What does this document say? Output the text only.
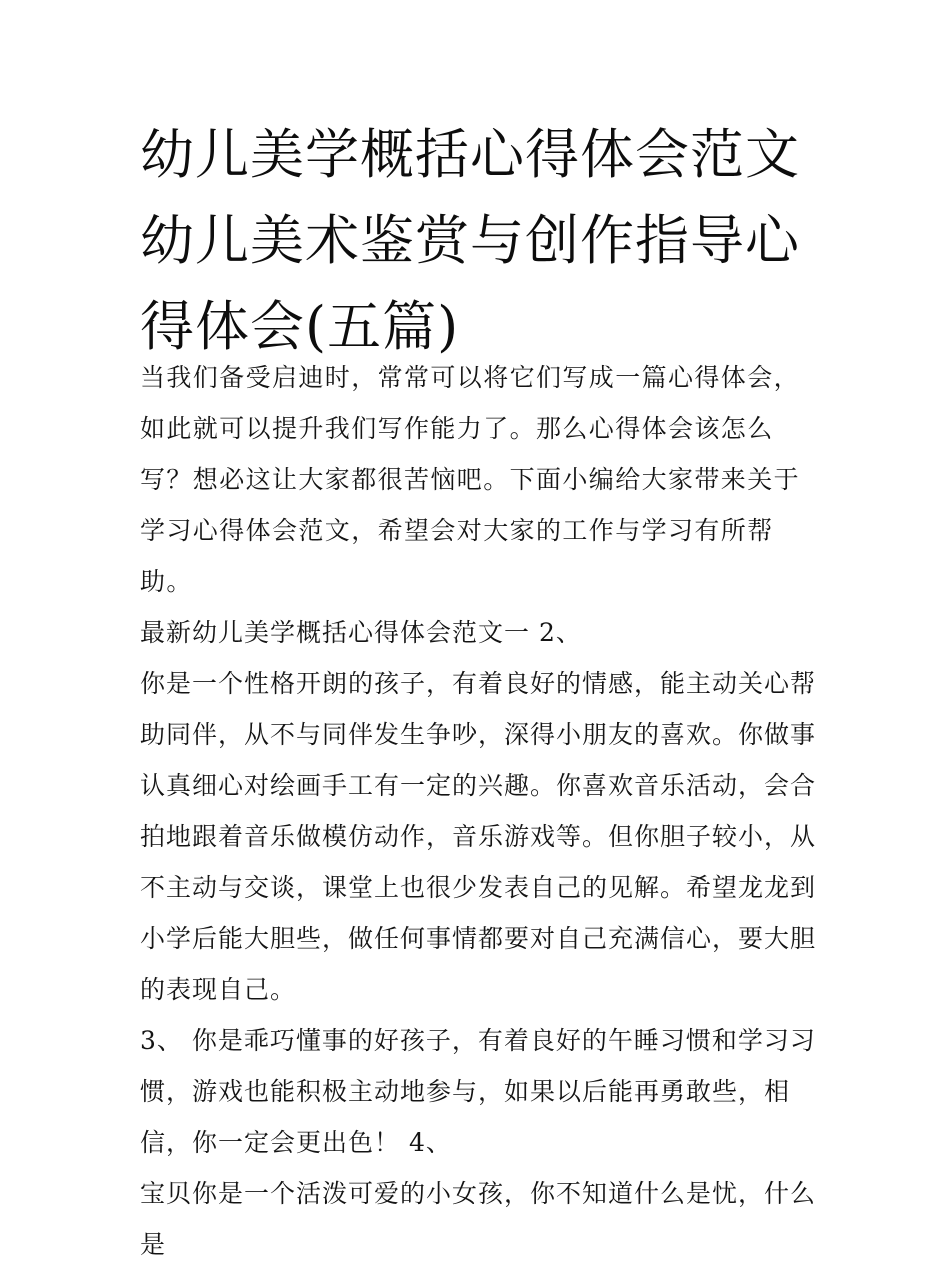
幼儿美学概括心得体会范文 幼儿美术鉴赏与创作指导心得体会(五篇)

当我们备受启迪时，常常可以将它们写成一篇心得体会，如此就可以提升我们写作能力了。那么心得体会该怎么写？想必这让大家都很苦恼吧。下面小编给大家带来关于学习心得体会范文，希望会对大家的工作与学习有所帮助。

最新幼儿美学概括心得体会范文一 2、

你是一个性格开朗的孩子，有着良好的情感，能主动关心帮助同伴，从不与同伴发生争吵，深得小朋友的喜欢。你做事认真细心对绘画手工有一定的兴趣。你喜欢音乐活动，会合拍地跟着音乐做模仿动作，音乐游戏等。但你胆子较小，从不主动与交谈，课堂上也很少发表自己的见解。希望龙龙到小学后能大胆些，做任何事情都要对自己充满信心，要大胆的表现自己。

3、 你是乖巧懂事的好孩子，有着良好的午睡习惯和学习习惯，游戏也能积极主动地参与，如果以后能再勇敢些，相信，你一定会更出色！ 4、

宝贝你是一个活泼可爱的小女孩，你不知道什么是忧，什么是
